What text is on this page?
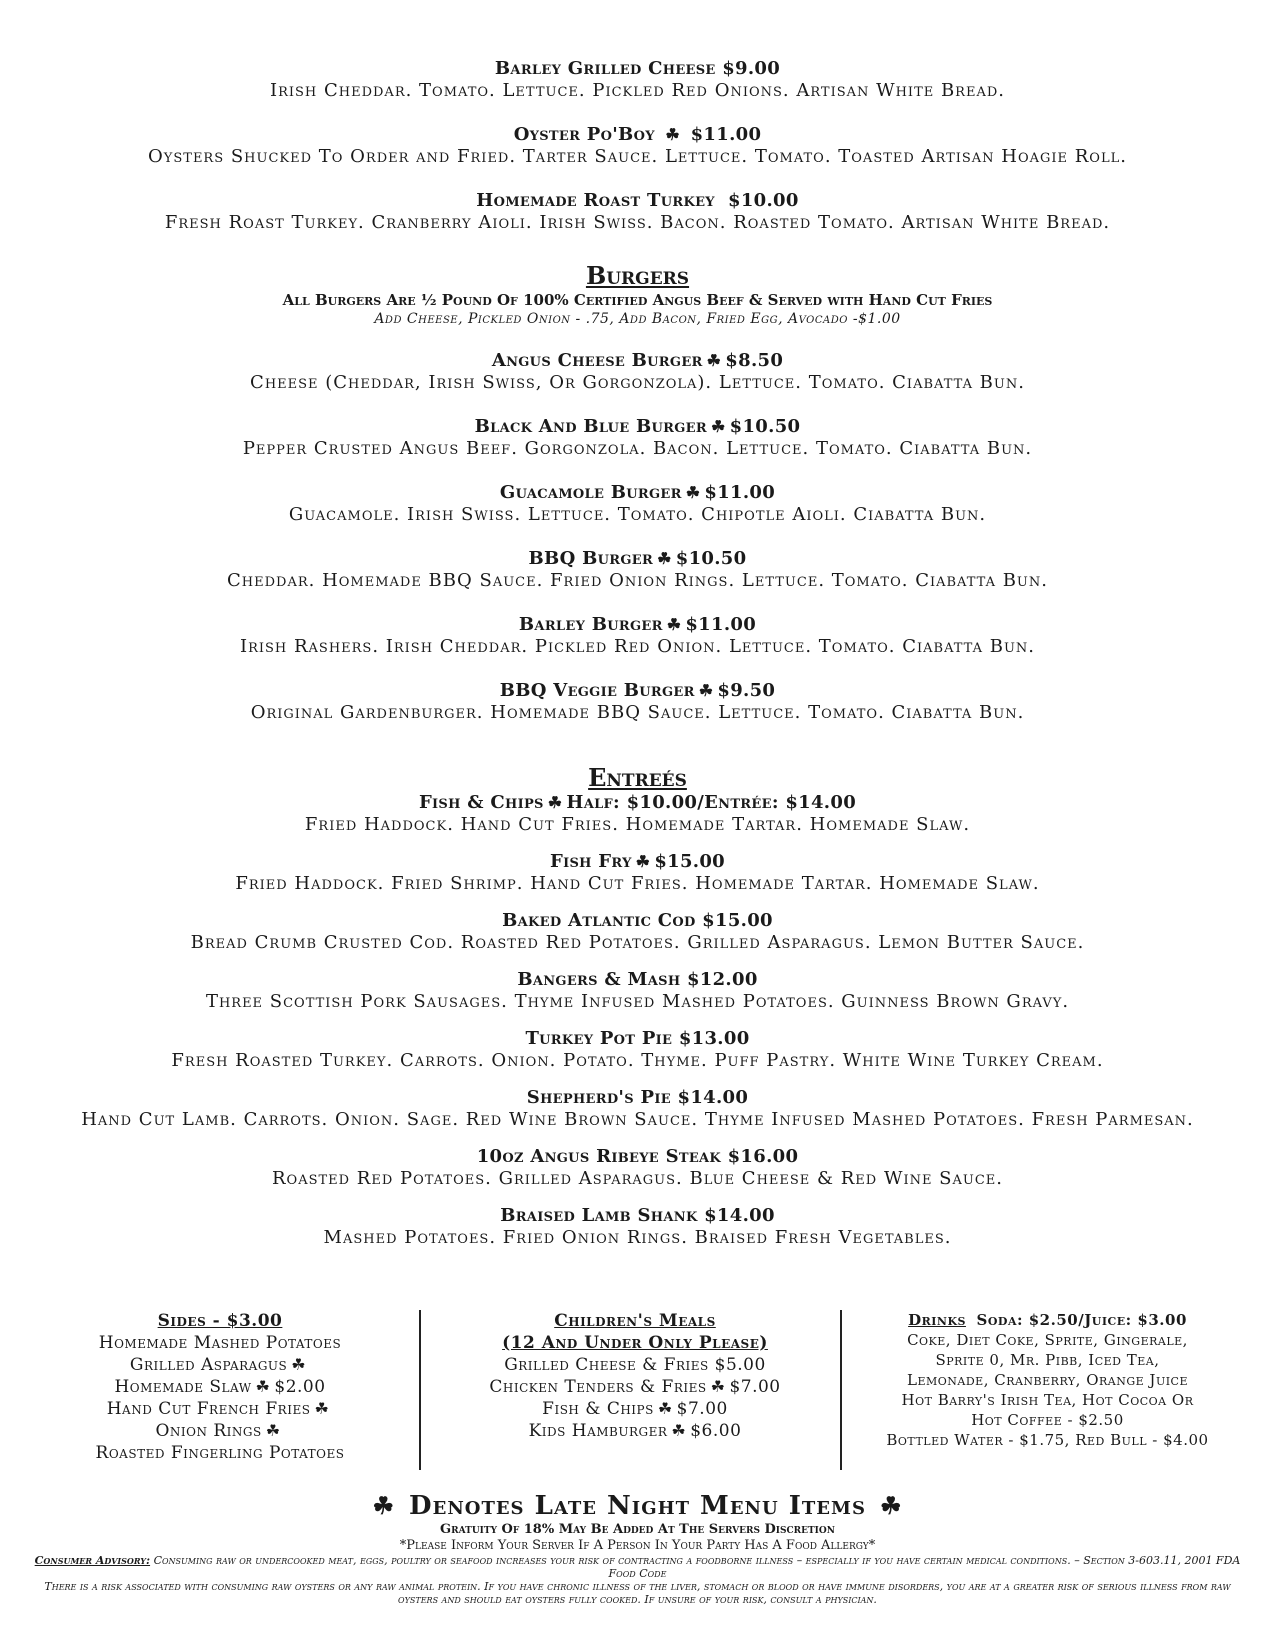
Barley Grilled Cheese $9.00
Irish Cheddar. Tomato. Lettuce. Pickled Red Onions. Artisan White Bread.
Oyster Po'Boy ☘ $11.00
Oysters Shucked To Order and Fried. Tarter Sauce. Lettuce. Tomato. Toasted Artisan Hoagie Roll.
Homemade Roast Turkey  $10.00
Fresh Roast Turkey. Cranberry Aioli. Irish Swiss. Bacon. Roasted Tomato. Artisan White Bread.
Burgers
All Burgers Are ½ Pound Of 100% Certified Angus Beef & Served with Hand Cut Fries
Add Cheese, Pickled Onion - .75, Add Bacon, Fried Egg, Avocado -$1.00
Angus Cheese Burger ☘ $8.50
Cheese (Cheddar, Irish Swiss, Or Gorgonzola). Lettuce. Tomato. Ciabatta Bun.
Black And Blue Burger ☘ $10.50
Pepper Crusted Angus Beef. Gorgonzola. Bacon. Lettuce. Tomato. Ciabatta Bun.
Guacamole Burger ☘ $11.00
Guacamole. Irish Swiss. Lettuce. Tomato. Chipotle Aioli. Ciabatta Bun.
BBQ Burger ☘ $10.50
Cheddar. Homemade BBQ Sauce. Fried Onion Rings. Lettuce. Tomato. Ciabatta Bun.
Barley Burger ☘ $11.00
Irish Rashers. Irish Cheddar. Pickled Red Onion. Lettuce. Tomato. Ciabatta Bun.
BBQ Veggie Burger ☘ $9.50
Original Gardenburger. Homemade BBQ Sauce. Lettuce. Tomato. Ciabatta Bun.
Entreés
Fish & Chips ☘ Half: $10.00/Entrée: $14.00
Fried Haddock. Hand Cut Fries. Homemade Tartar. Homemade Slaw.
Fish Fry ☘ $15.00
Fried Haddock. Fried Shrimp. Hand Cut Fries. Homemade Tartar. Homemade Slaw.
Baked Atlantic Cod $15.00
Bread Crumb Crusted Cod. Roasted Red Potatoes. Grilled Asparagus. Lemon Butter Sauce.
Bangers & Mash $12.00
Three Scottish Pork Sausages. Thyme Infused Mashed Potatoes. Guinness Brown Gravy.
Turkey Pot Pie $13.00
Fresh Roasted Turkey. Carrots. Onion. Potato. Thyme. Puff Pastry. White Wine Turkey Cream.
Shepherd's Pie $14.00
Hand Cut Lamb. Carrots. Onion. Sage. Red Wine Brown Sauce. Thyme Infused Mashed Potatoes. Fresh Parmesan.
10oz Angus Ribeye Steak $16.00
Roasted Red Potatoes. Grilled Asparagus. Blue Cheese & Red Wine Sauce.
Braised Lamb Shank $14.00
Mashed Potatoes. Fried Onion Rings. Braised Fresh Vegetables.
Sides - $3.00
Homemade Mashed Potatoes
Grilled Asparagus ☘
Homemade Slaw ☘ $2.00
Hand Cut French Fries ☘
Onion Rings ☘
Roasted Fingerling Potatoes
Children's Meals
(12 And Under Only Please)
Grilled Cheese & Fries $5.00
Chicken Tenders & Fries ☘ $7.00
Fish & Chips ☘ $7.00
Kids Hamburger ☘ $6.00
Drinks Soda: $2.50/Juice: $3.00
Coke, Diet Coke, Sprite, Gingerale,
Sprite 0, Mr. Pibb, Iced Tea,
Lemonade, Cranberry, Orange Juice
Hot Barry's Irish Tea, Hot Cocoa Or
Hot Coffee - $2.50
Bottled Water - $1.75, Red Bull - $4.00
☘ Denotes Late Night Menu Items ☘
Gratuity Of 18% May Be Added At The Servers Discretion
*Please Inform Your Server If A Person In Your Party Has A Food Allergy*
Consumer Advisory: Consuming raw or undercooked meat, eggs, poultry or seafood increases your risk of contracting a foodborne illness – especially if you have certain medical conditions. – Section 3-603.11, 2001 FDA Food Code
There is a risk associated with consuming raw oysters or any raw animal protein. If you have chronic illness of the liver, stomach or blood or have immune disorders, you are at a greater risk of serious illness from raw oysters and should eat oysters fully cooked. If unsure of your risk, consult a physician.
